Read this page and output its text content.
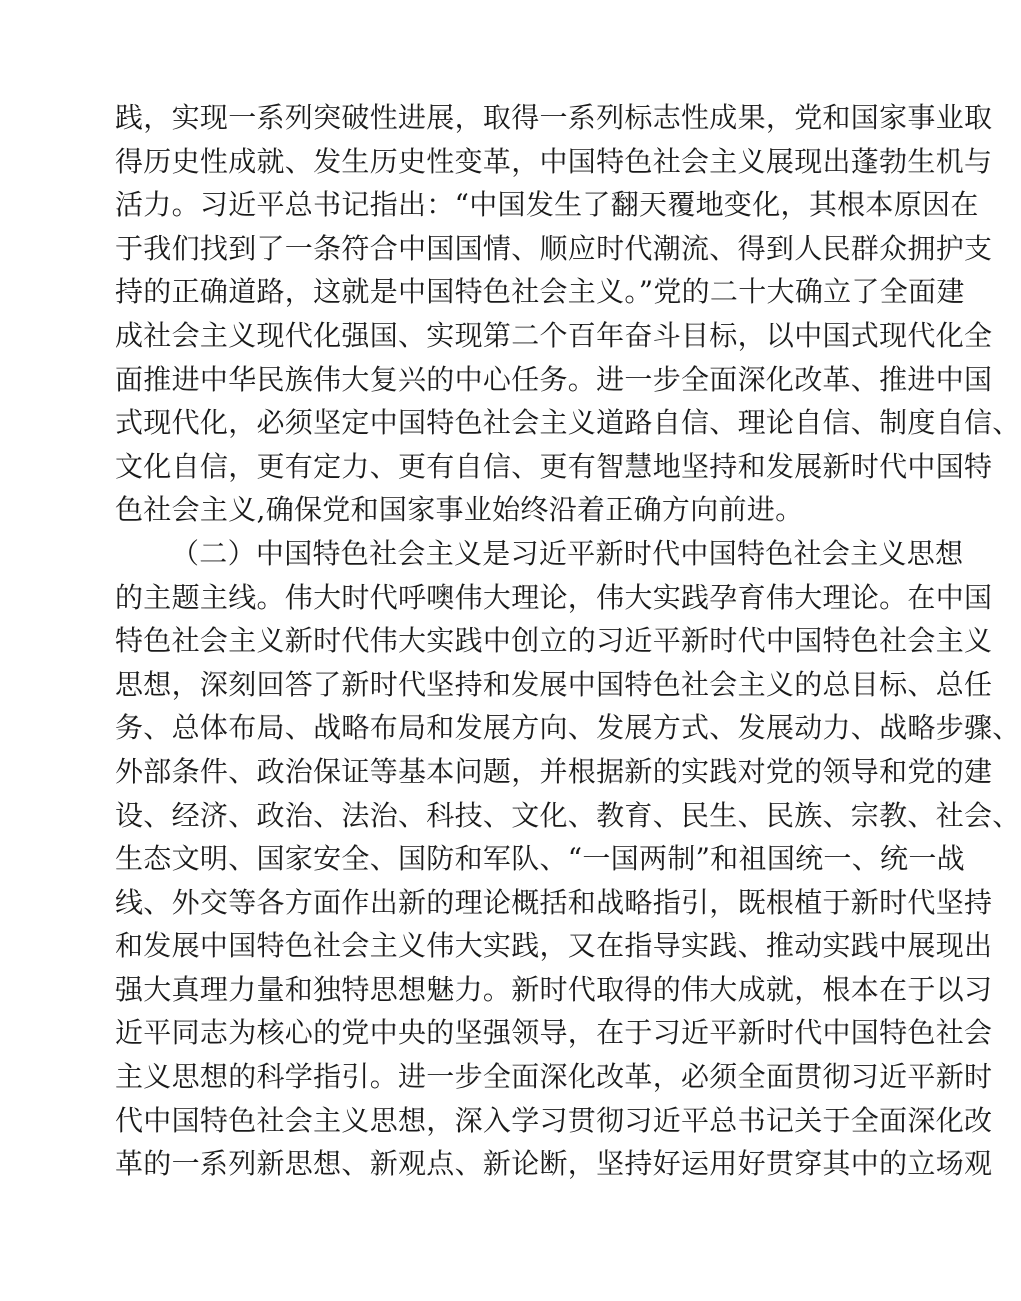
践，实现一系列突破性进展，取得一系列标志性成果，党和国家事业取
得历史性成就、发生历史性变革，中国特色社会主义展现出蓬勃生机与
活力。习近平总书记指出：“中国发生了翻天覆地变化，其根本原因在
于我们找到了一条符合中国国情、顺应时代潮流、得到人民群众拥护支
持的正确道路，这就是中国特色社会主义。”党的二十大确立了全面建
成社会主义现代化强国、实现第二个百年奋斗目标，以中国式现代化全
面推进中华民族伟大复兴的中心任务。进一步全面深化改革、推进中国
式现代化，必须坚定中国特色社会主义道路自信、理论自信、制度自信、
文化自信，更有定力、更有自信、更有智慧地坚持和发展新时代中国特
色社会主义,确保党和国家事业始终沿着正确方向前进。
（二）中国特色社会主义是习近平新时代中国特色社会主义思想
的主题主线。伟大时代呼噢伟大理论，伟大实践孕育伟大理论。在中国
特色社会主义新时代伟大实践中创立的习近平新时代中国特色社会主义
思想，深刻回答了新时代坚持和发展中国特色社会主义的总目标、总任
务、总体布局、战略布局和发展方向、发展方式、发展动力、战略步骤、
外部条件、政治保证等基本问题，并根据新的实践对党的领导和党的建
设、经济、政治、法治、科技、文化、教育、民生、民族、宗教、社会、
生态文明、国家安全、国防和军队、“一国两制”和祖国统一、统一战
线、外交等各方面作出新的理论概括和战略指引，既根植于新时代坚持
和发展中国特色社会主义伟大实践，又在指导实践、推动实践中展现出
强大真理力量和独特思想魅力。新时代取得的伟大成就，根本在于以习
近平同志为核心的党中央的坚强领导，在于习近平新时代中国特色社会
主义思想的科学指引。进一步全面深化改革，必须全面贯彻习近平新时
代中国特色社会主义思想，深入学习贯彻习近平总书记关于全面深化改
革的一系列新思想、新观点、新论断，坚持好运用好贯穿其中的立场观
